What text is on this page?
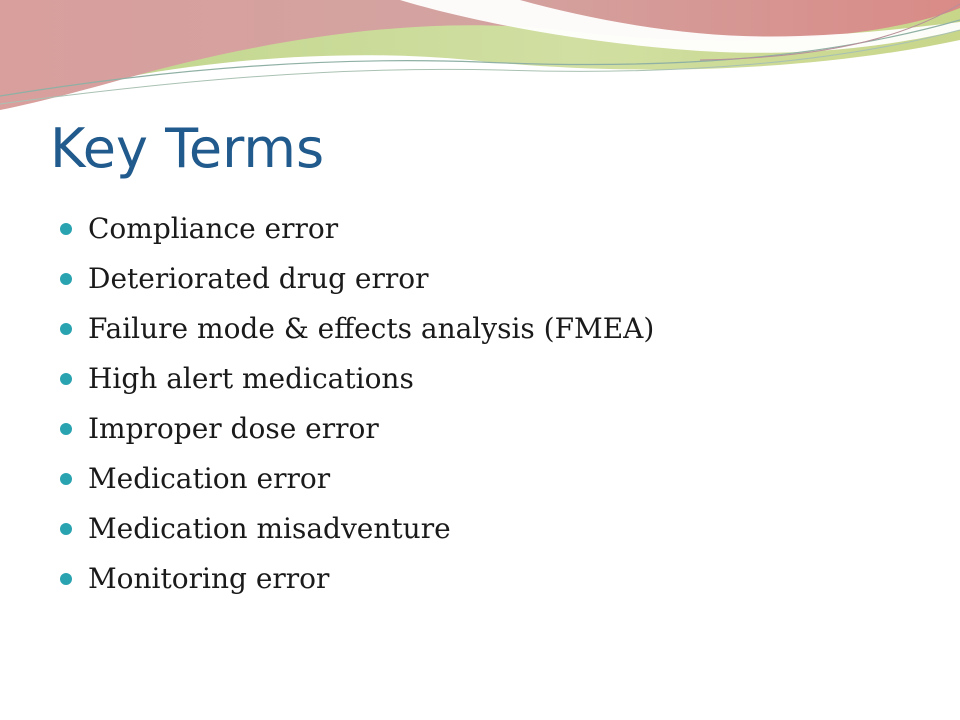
Key Terms
Compliance error
Deteriorated drug error
Failure mode & effects analysis (FMEA)
High alert medications
Improper dose error
Medication error
Medication misadventure
Monitoring error
